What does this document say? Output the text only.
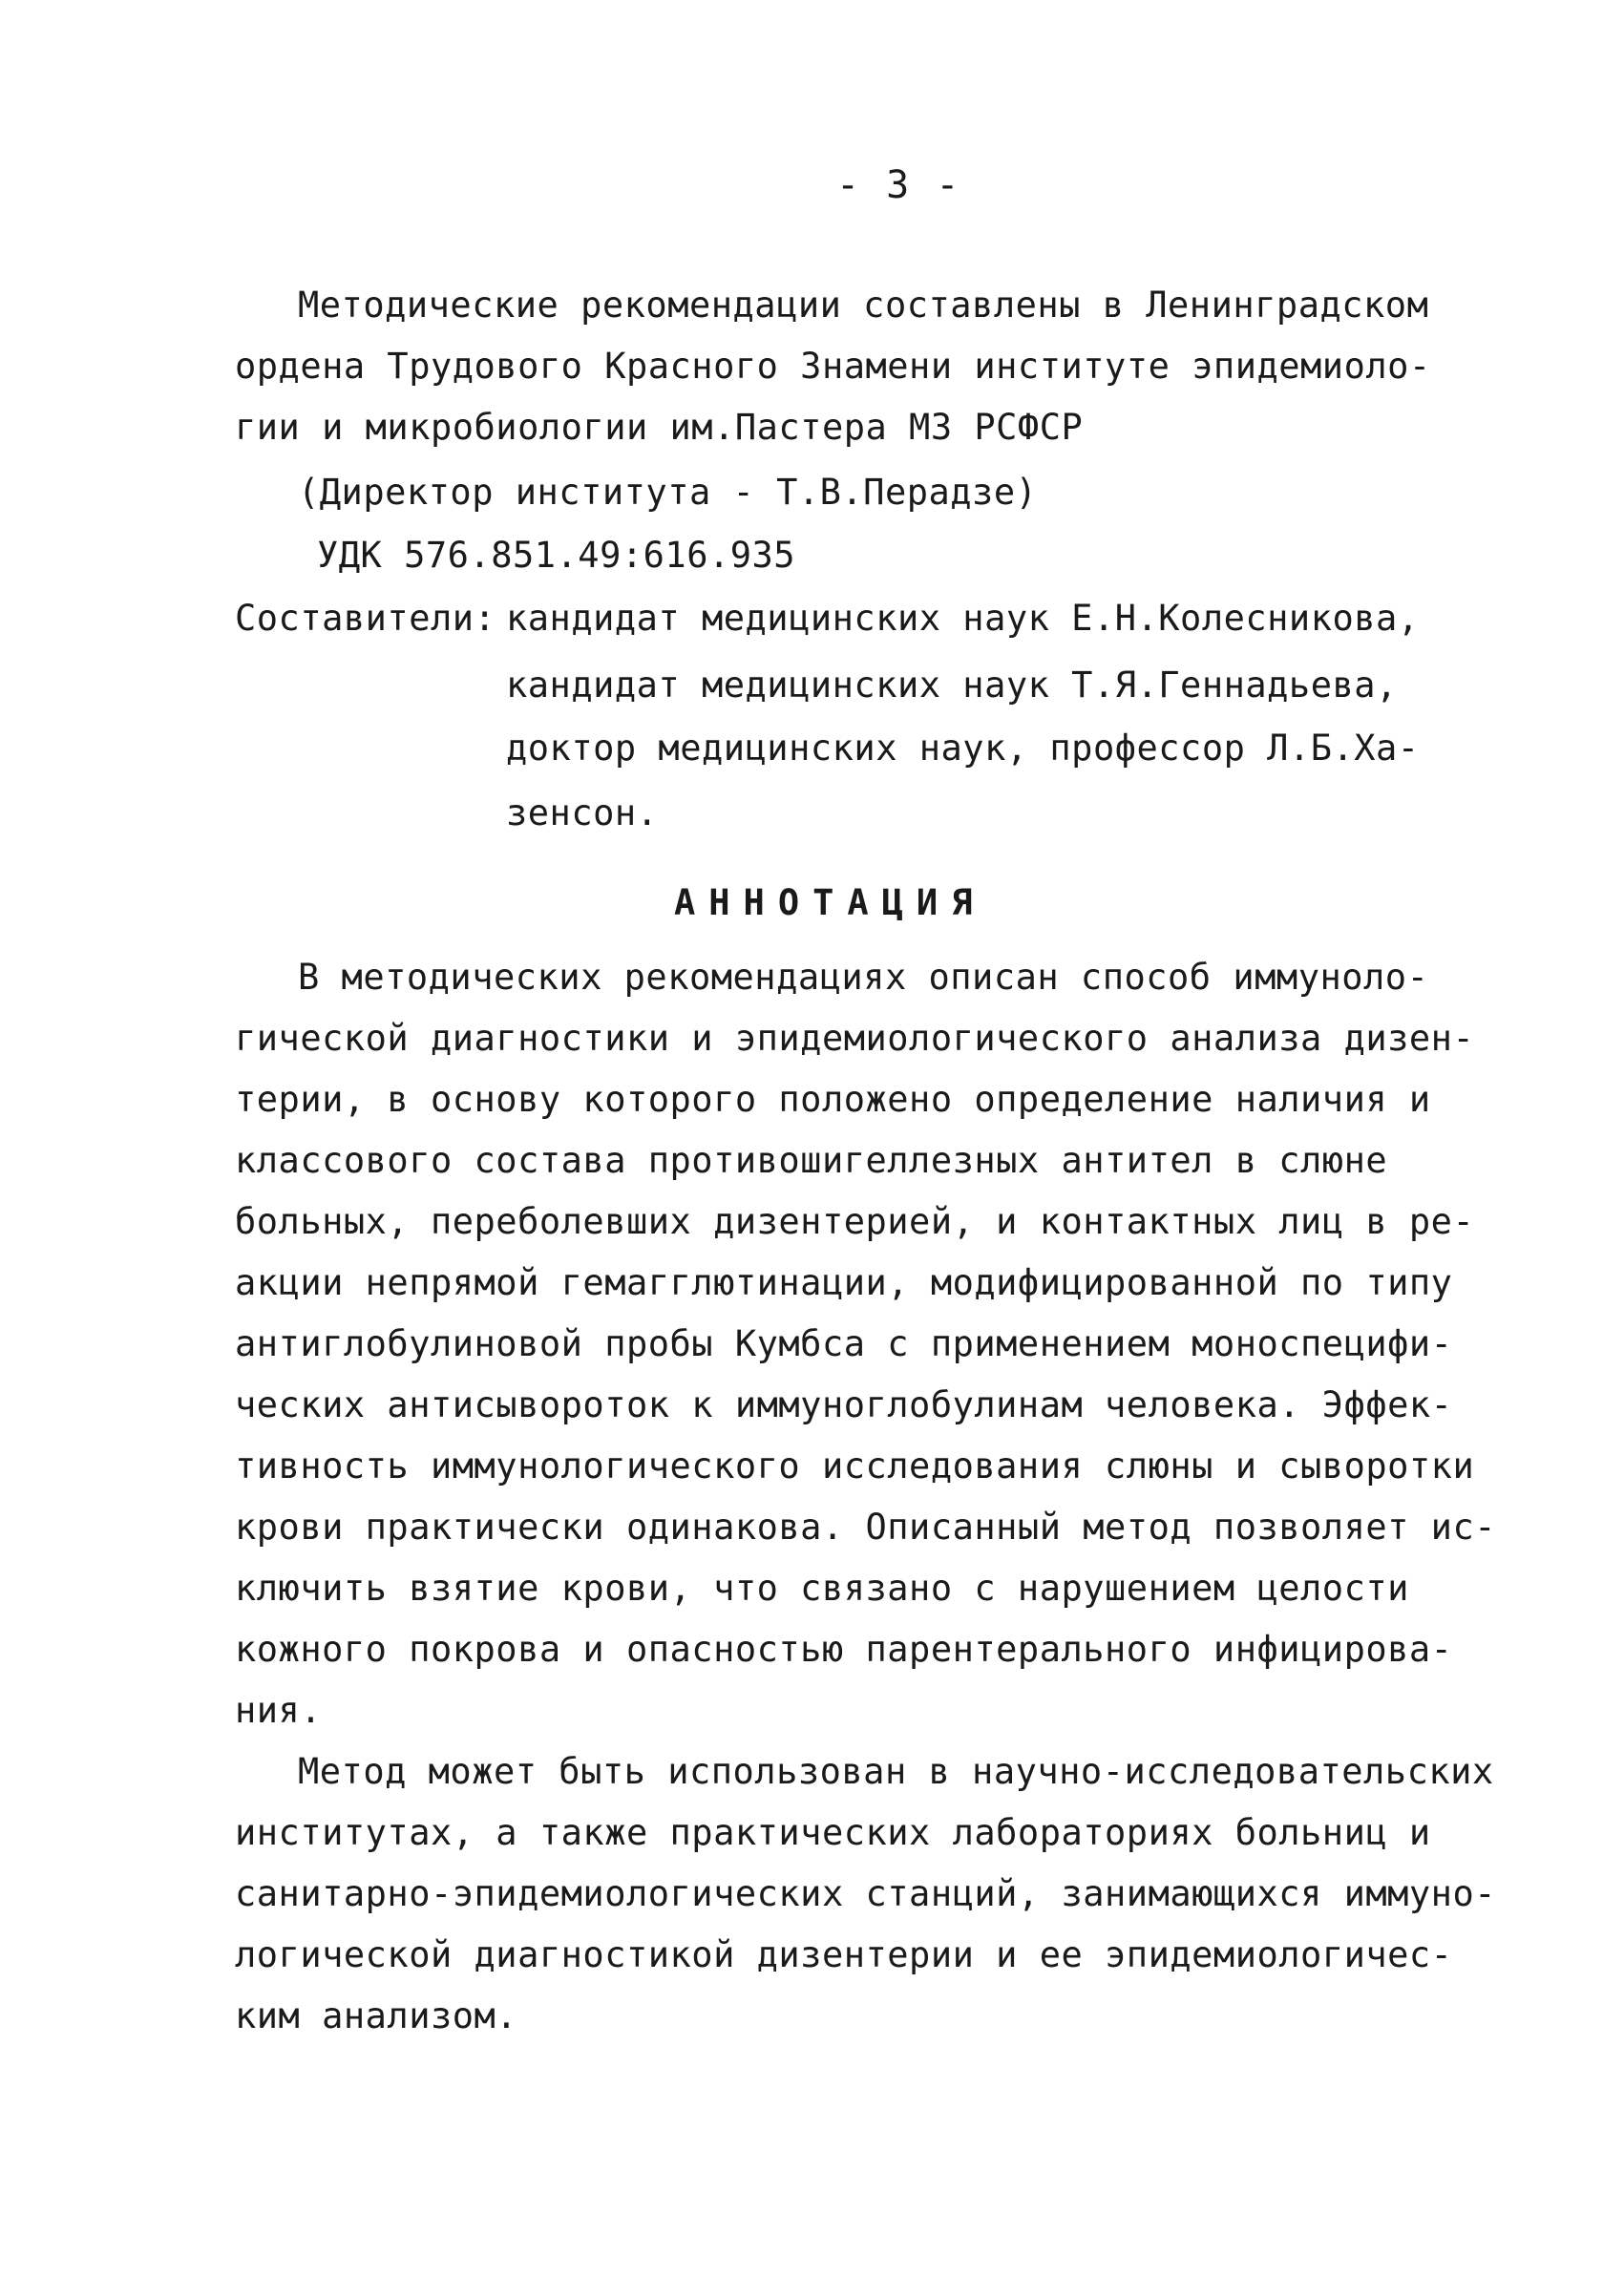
- 3 -
Методические рекомендации составлены в Ленинградском
ордена Трудового Красного Знамени институте эпидемиоло-
гии и микробиологии им.Пастера МЗ РСФСР
(Директор института - Т.В.Перадзе)
УДК 576.851.49:616.935
Составители: кандидат медицинских наук Е.Н.Колесникова,
кандидат медицинских наук Т.Я.Геннадьева,
доктор медицинских наук, профессор Л.Б.Ха-
зенсон.
АННОТАЦИЯ
В методических рекомендациях описан способ иммуноло-
гической диагностики и эпидемиологического анализа дизен-
терии, в основу которого положено определение наличия и
классового состава противошигеллезных антител в слюне
больных, переболевших дизентерией, и контактных лиц в ре-
акции непрямой гемагглютинации, модифицированной по типу
антиглобулиновой пробы Кумбса с применением моноспецифи-
ческих антисывороток к иммуноглобулинам человека. Эффек-
тивность иммунологического исследования слюны и сыворотки
крови практически одинакова. Описанный метод позволяет ис-
ключить взятие крови, что связано с нарушением целости
кожного покрова и опасностью парентерального инфицирова-
ния.
Метод может быть использован в научно-исследовательских
институтах, а также практических лабораториях больниц и
санитарно-эпидемиологических станций, занимающихся иммуно-
логической диагностикой дизентерии и ее эпидемиологичес-
ким анализом.
